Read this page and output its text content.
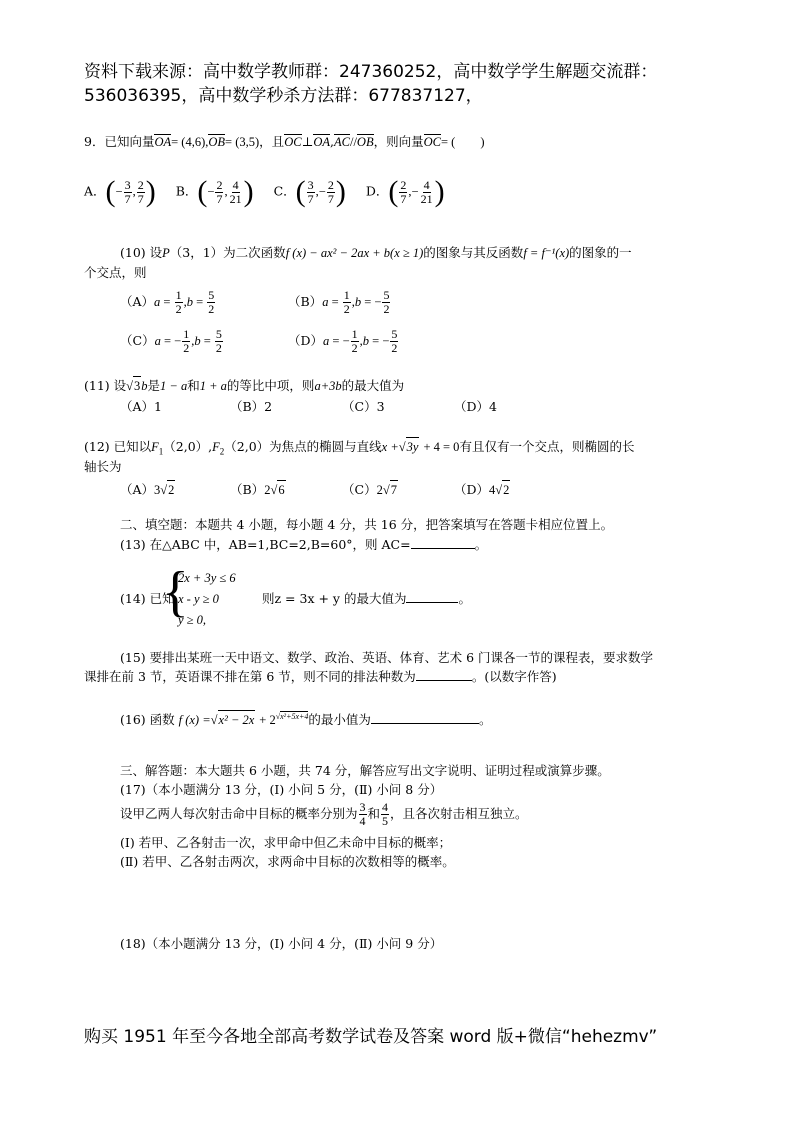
资料下载来源：高中数学教师群：247360252，高中数学学生解题交流群：
536036395，高中数学秒杀方法群：677837127，
9．已知向量OA= (4,6),OB= (3,5)，且OC⊥OA,AC//OB，则向量OC= (　　)
A．(− $\frac{3}{7}$ , $\frac{2}{7}$ ) B．(− $\frac{2}{7}$ , $\frac{4}{21}$ ) C．( $\frac{3}{7}$ ,− $\frac{2}{7}$ ) D．( $\frac{2}{7}$ ,− $\frac{4}{21}$ )
(10) 设P（3，1）为二次函数f (x) − ax² − 2ax + b(x ≥ 1)的图象与其反函数f = f⁻¹(x)的图象的一
个交点，则
$(A)a = \frac{1}{2} ,b = \frac{5}{2}$	$(B)a = \frac{1}{2} ,b$ = − $\frac{5}{2}$
（C）a = − $\frac{1}{2} ,b = \frac{5}{2}$	（D）a = − $\frac{1}{2} ,b$ = − $\frac{5}{2}$
(11) 设√3b是1 − a和1 + a的等比中项，则a+3b的最大值为
（A）1	（B）2	（C）3	（D）4
(12) 已知以$F_1(2,0),F_2(2,0)$为焦点的椭圆与直线x +√3y + 4 = 0有且仅有一个交点，则椭圆的长
轴长为
（A）3√2	（B）2√6	（C）2√7	（D）4√2
二、填空题：本题共 4 小题，每小题 4 分，共 16 分，把答案填写在答题卡相应位置上。
(13) 在△ABC 中，AB=1,BC=2,B=60°，则 AC=	。
(14) 已知
{
2x + 3y ≤ 6
x - y ≥ 0
y ≥ 0,
则z = 3x + y 的最大值为	。
(15) 要排出某班一天中语文、数学、政治、英语、体育、艺术 6 门课各一节的课程表，要求数学
课排在前 3 节，英语课不排在第 6 节，则不同的排法种数为	。(以数字作答)
(16) 函数 f $(x) =√x^2 - 2x + 2^{√x^2+5x+4}$的最小值为	。
三、解答题：本大题共 6 小题，共 74 分，解答应写出文字说明、证明过程或演算步骤。
(17)（本小题满分 13 分，(Ⅰ) 小问 5 分，(Ⅱ) 小问 8 分）
设甲乙两人每次射击命中目标的概率分别为 $\frac{3}{4}$ 和 $\frac{4}{5}$ ，且各次射击相互独立。
(Ⅰ) 若甲、乙各射击一次，求甲命中但乙未命中目标的概率；
(Ⅱ) 若甲、乙各射击两次，求两命中目标的次数相等的概率。
(18)（本小题满分 13 分，(Ⅰ) 小问 4 分，(Ⅱ) 小问 9 分）
购买 1951 年至今各地全部高考数学试卷及答案 word 版+微信“hehezmv”
